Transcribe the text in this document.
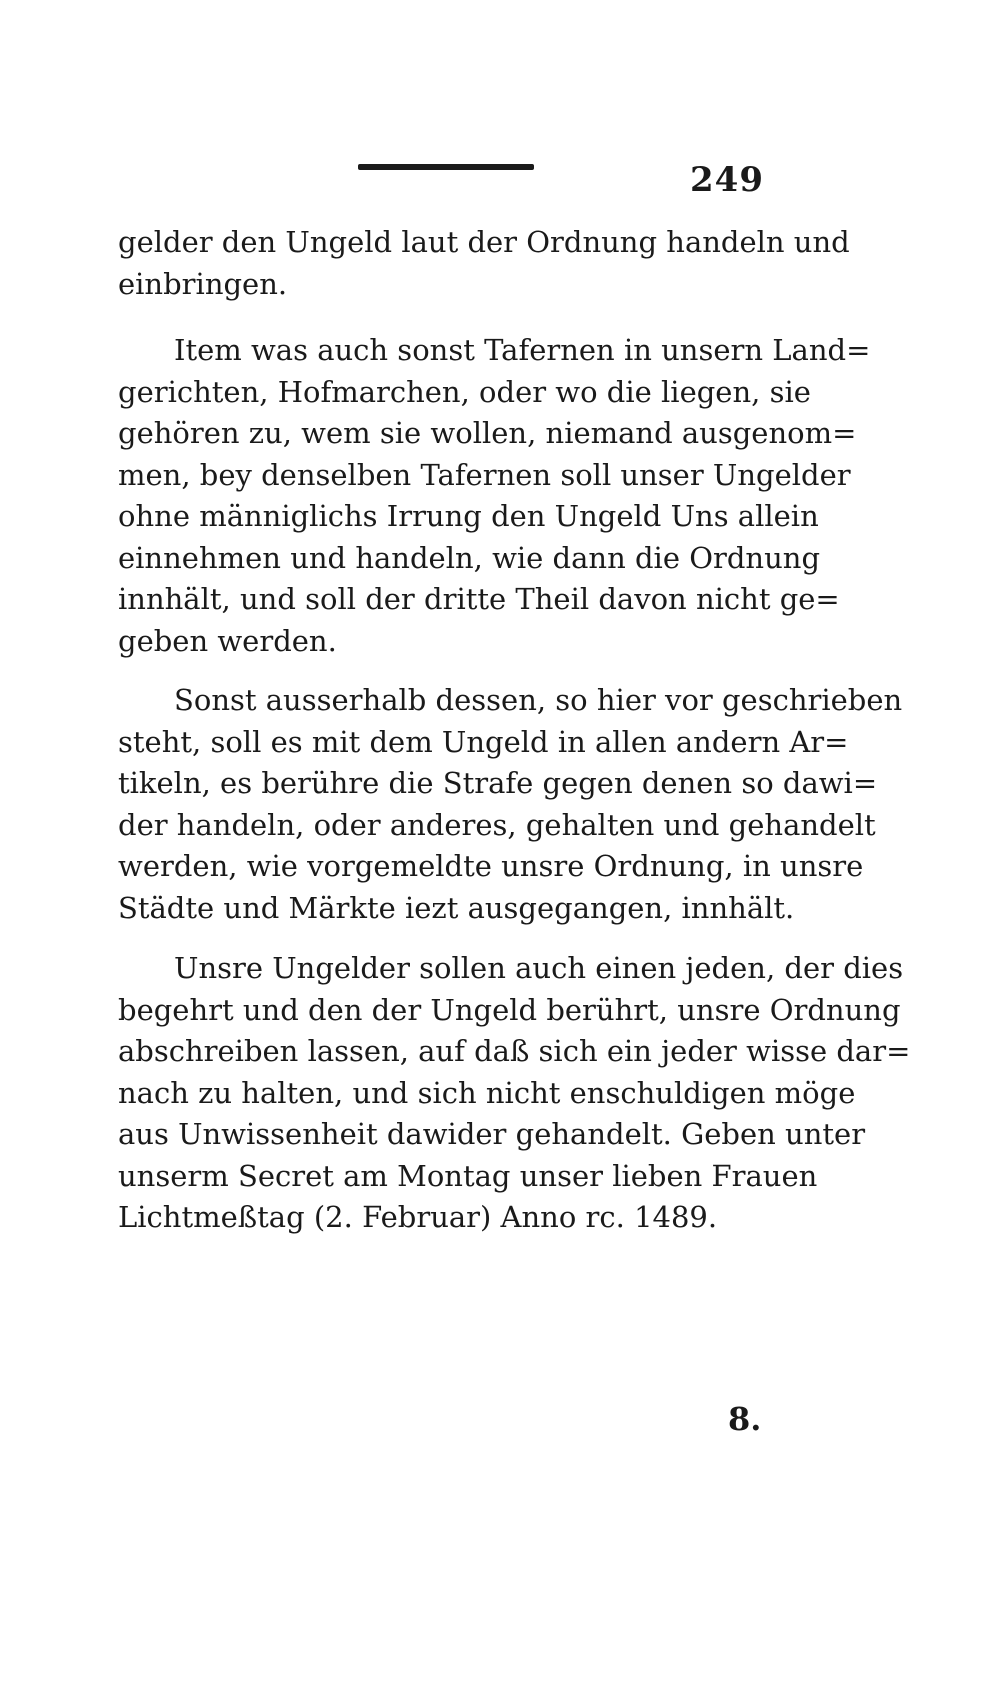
249

gelder den Ungeld laut der Ordnung handeln und
einbringen.

Item was auch sonst Tafernen in unsern Land=
gerichten, Hofmarchen, oder wo die liegen, sie
gehören zu, wem sie wollen, niemand ausgenom=
men, bey denselben Tafernen soll unser Ungelder
ohne männiglichs Irrung den Ungeld Uns allein
einnehmen und handeln, wie dann die Ordnung
innhält, und soll der dritte Theil davon nicht ge=
geben werden.

Sonst ausserhalb dessen, so hier vor geschrieben
steht, soll es mit dem Ungeld in allen andern Ar=
tikeln, es berühre die Strafe gegen denen so dawi=
der handeln, oder anderes, gehalten und gehandelt
werden, wie vorgemeldte unsre Ordnung, in unsre
Städte und Märkte iezt ausgegangen, innhält.

Unsre Ungelder sollen auch einen jeden, der dies
begehrt und den der Ungeld berührt, unsre Ordnung
abschreiben lassen, auf daß sich ein jeder wisse dar=
nach zu halten, und sich nicht enschuldigen möge
aus Unwissenheit dawider gehandelt. Geben unter
unserm Secret am Montag unser lieben Frauen
Lichtmeßtag (2. Februar) Anno rc. 1489.

8.
